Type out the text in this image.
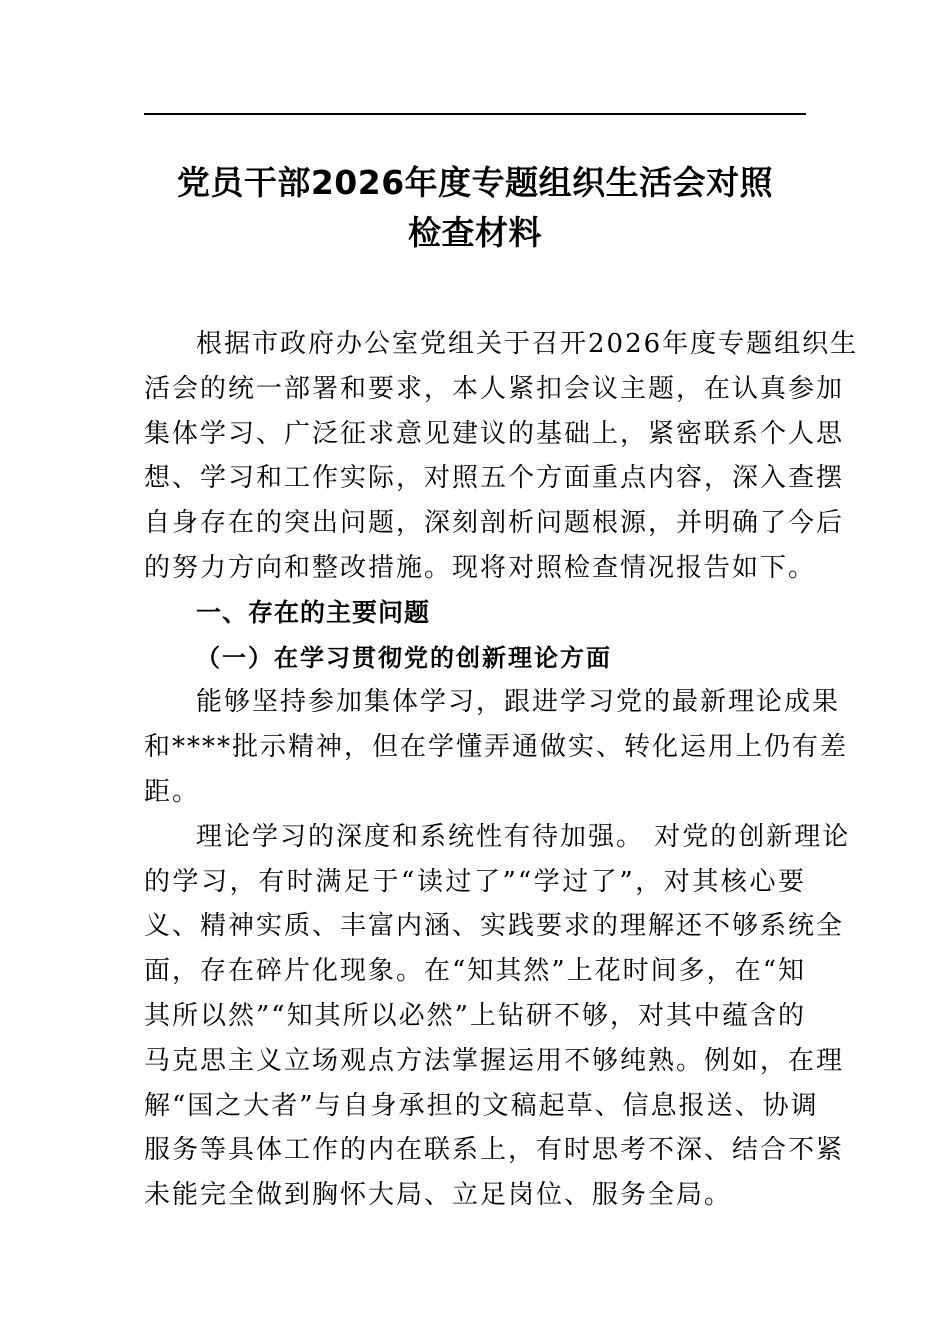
党员干部2026年度专题组织生活会对照
检查材料

根据市政府办公室党组关于召开2026年度专题组织生
活会的统一部署和要求，本人紧扣会议主题，在认真参加
集体学习、广泛征求意见建议的基础上，紧密联系个人思
想、学习和工作实际，对照五个方面重点内容，深入查摆
自身存在的突出问题，深刻剖析问题根源，并明确了今后
的努力方向和整改措施。现将对照检查情况报告如下。

一、存在的主要问题

（一）在学习贯彻党的创新理论方面

能够坚持参加集体学习，跟进学习党的最新理论成果
和****批示精神，但在学懂弄通做实、转化运用上仍有差
距。

理论学习的深度和系统性有待加强。 对党的创新理论
的学习，有时满足于“读过了”“学过了”，对其核心要
义、精神实质、丰富内涵、实践要求的理解还不够系统全
面，存在碎片化现象。在“知其然”上花时间多，在“知
其所以然”“知其所以必然”上钻研不够，对其中蕴含的
马克思主义立场观点方法掌握运用不够纯熟。例如，在理
解“国之大者”与自身承担的文稿起草、信息报送、协调
服务等具体工作的内在联系上，有时思考不深、结合不紧
未能完全做到胸怀大局、立足岗位、服务全局。
